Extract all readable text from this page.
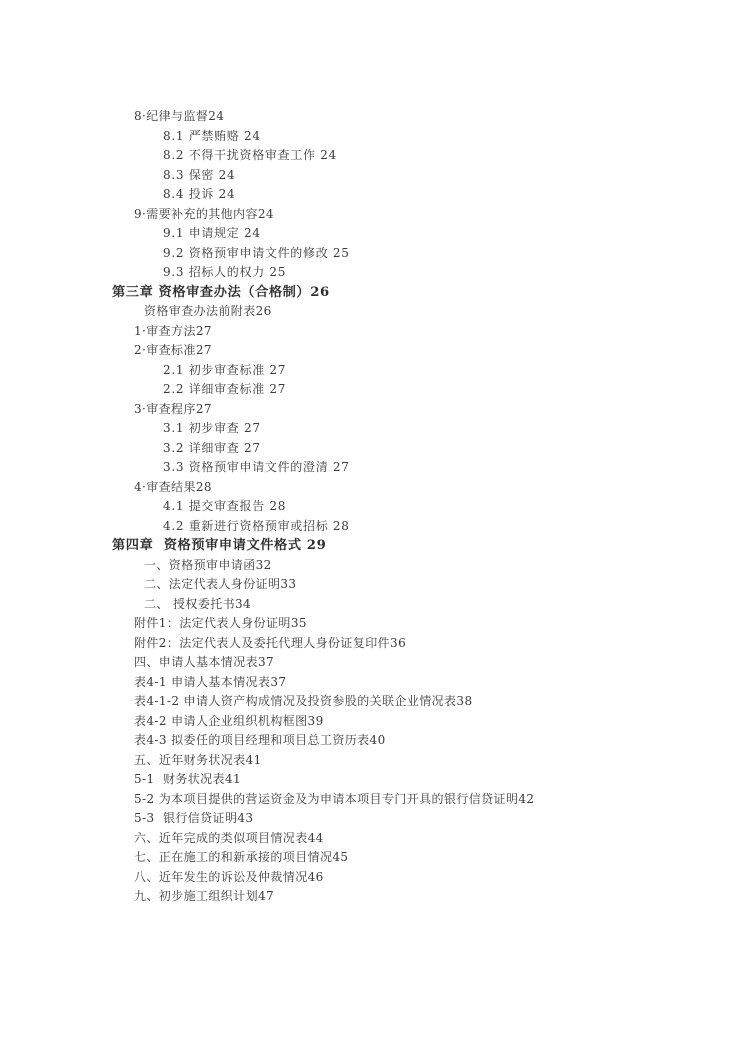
8·纪律与监督24
8.1 严禁贿赂 24
8.2 不得干扰资格审查工作 24
8.3 保密 24
8.4 投诉 24
9·需要补充的其他内容24
9.1 申请规定 24
9.2 资格预审申请文件的修改 25
9.3 招标人的权力 25
第三章 资格审查办法（合格制）26
资格审查办法前附表26
1·审查方法27
2·审查标准27
2.1 初步审查标准 27
2.2 详细审查标准 27
3·审查程序27
3.1 初步审查 27
3.2 详细审查 27
3.3 资格预审申请文件的澄清 27
4·审查结果28
4.1 提交审查报告 28
4.2 重新进行资格预审或招标 28
第四章  资格预审申请文件格式 29
一、资格预审申请函32
二、法定代表人身份证明33
二、 授权委托书34
附件1：法定代表人身份证明35
附件2：法定代表人及委托代理人身份证复印件36
四、申请人基本情况表37
表4-1 申请人基本情况表37
表4-1-2 申请人资产构成情况及投资参股的关联企业情况表38
表4-2 申请人企业组织机构框图39
表4-3 拟委任的项目经理和项目总工资历表40
五、近年财务状况表41
5-1  财务状况表41
5-2 为本项目提供的营运资金及为申请本项目专门开具的银行信贷证明42
5-3  银行信贷证明43
六、近年完成的类似项目情况表44
七、正在施工的和新承接的项目情况45
八、近年发生的诉讼及仲裁情况46
九、初步施工组织计划47
